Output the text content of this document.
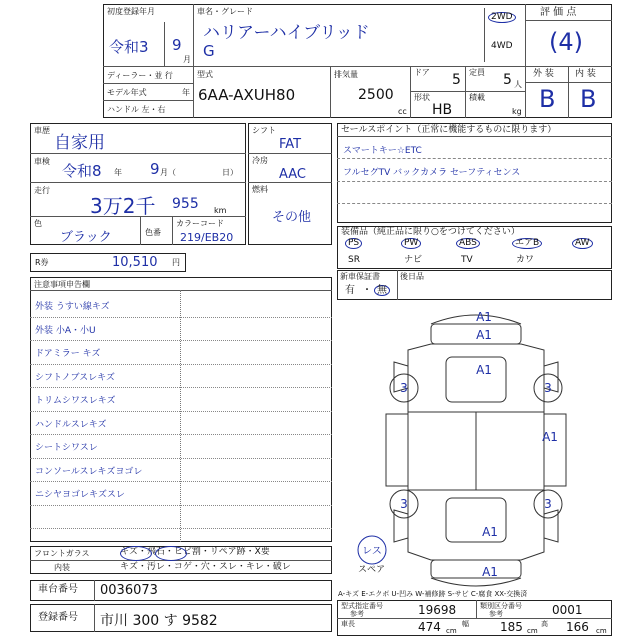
初度登録年月
令和3 9
月
車名・グレード
ハリアーハイブリッド
G
2WD
4WD
評 価 点
(4)
ディーラー・並 行
モデル年式	年
ハンドル 左・右
型式
6AA-AXUH80
排気量
2500
cc
ドア 5 定員 5 人
形状
HB
積載
kg
外 装 内 装
B B
車歴
自家用
車検
令和8 年 9 月（	日）
走行
3万2千 955 km
色
ブラック	色番
カラーコード
219/EB20
シフト
FAT
冷房
AAC
燃料
その他
R券	10,510 円
セールスポイント（正常に機能するものに限ります）
スマートキー☆ETC
フルセグTV バックカメラ セーフティセンス
装備品（純正品に限り○をつけてください）
PS	PW	ABS	エアB	AW
SR	ナビ	TV	カワ
新車保証書	後日品
有 ・ 無
注意事項申告欄
外装 うすい線キズ
外装 小A・小U
ドアミラー キズ
シフトノブスレキズ
トリムシワスレキズ
ハンドルスレキズ
シートシワスレ
コンソールスレキズヨゴレ
ニシヤヨゴレキズスレ
A1
A1
A1
A1
A1
A1
3	3
3	3
レス
スペア
フロントガラス	キズ・飛石・ヒビ割・リペア跡・X要
内装	キズ・汚レ・コゲ・穴・スレ・キレ・破レ
車台番号 0036073
登録番号 市川 300 す 9582
A-キズ E-エクボ U-凹み W-補修跡 S-サビ C-腐食 XX-交換済
型式指定番号
参考	19698	類別区分番号
参考	0001
車長	474 cm
幅	185 cm
高 166 cm
